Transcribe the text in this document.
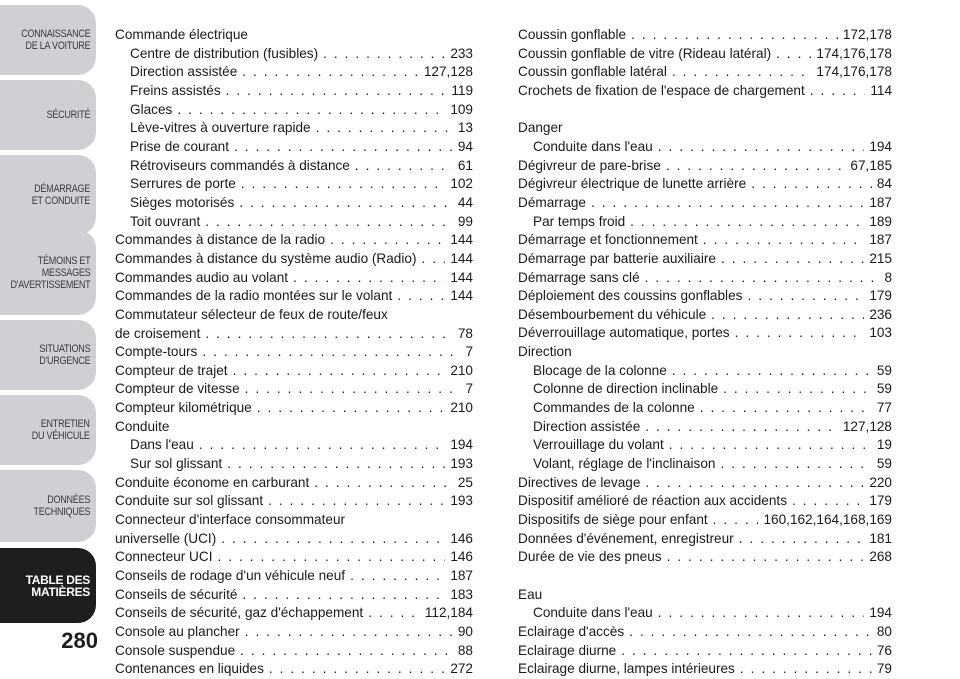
CONNAISSANCE
DE LA VOITURE
SÉCURITÉ
DÉMARRAGE
ET CONDUITE
TÉMOINS ET
MESSAGES
D'AVERTISSEMENT
SITUATIONS
D'URGENCE
ENTRETIEN
DU VÉHICULE
DONNÉES
TECHNIQUES
TABLE DES
MATIÈRES
280
Commande électrique
Centre de distribution (fusibles) . . .	233
Direction assistée . . .	127,128
Freins assistés . . .	119
Glaces . . .	109
Lève-vitres à ouverture rapide . . .	13
Prise de courant . . .	94
Rétroviseurs commandés à distance . . .	61
Serrures de porte . . .	102
Sièges motorisés . . .	44
Toit ouvrant . . .	99
Commandes à distance de la radio . . .	144
Commandes à distance du système audio (Radio) . . . 144
Commandes audio au volant . . .	144
Commandes de la radio montées sur le volant . . .	144
Commutateur sélecteur de feux de route/feux
de croisement . . .	78
Compte-tours . . .	7
Compteur de trajet . . .	210
Compteur de vitesse . . .	7
Compteur kilométrique . . .	210
Conduite
Dans l'eau . . .	194
Sur sol glissant . . .	193
Conduite économe en carburant . . .	25
Conduite sur sol glissant . . .	193
Connecteur d'interface consommateur
universelle (UCI) . . .	146
Connecteur UCI . . .	146
Conseils de rodage d'un véhicule neuf . . .	187
Conseils de sécurité . . .	183
Conseils de sécurité, gaz d'échappement . . .	112,184
Console au plancher . . .	90
Console suspendue . . .	88
Contenances en liquides . . .	272
Coussin gonflable . . .	172,178
Coussin gonflable de vitre (Rideau latéral) . . .	174,176,178
Coussin gonflable latéral . . .	174,176,178
Crochets de fixation de l'espace de chargement . . .	114
Danger
Conduite dans l'eau . . .	194
Dégivreur de pare-brise . . .	67,185
Dégivreur électrique de lunette arrière . . .	84
Démarrage . . .	187
Par temps froid . . .	189
Démarrage et fonctionnement . . .	187
Démarrage par batterie auxiliaire . . .	215
Démarrage sans clé . . .	8
Déploiement des coussins gonflables . . .	179
Désembourbement du véhicule . . .	236
Déverrouillage automatique, portes . . .	103
Direction
Blocage de la colonne . . .	59
Colonne de direction inclinable . . .	59
Commandes de la colonne . . .	77
Direction assistée . . .	127,128
Verrouillage du volant . . .	19
Volant, réglage de l'inclinaison . . .	59
Directives de levage . . .	220
Dispositif amélioré de réaction aux accidents . . .	179
Dispositifs de siège pour enfant . . .	160,162,164,168,169
Données d'événement, enregistreur . . .	181
Durée de vie des pneus . . .	268
Eau
Conduite dans l'eau . . .	194
Eclairage d'accès . . .	80
Eclairage diurne . . .	76
Eclairage diurne, lampes intérieures . . .	79
